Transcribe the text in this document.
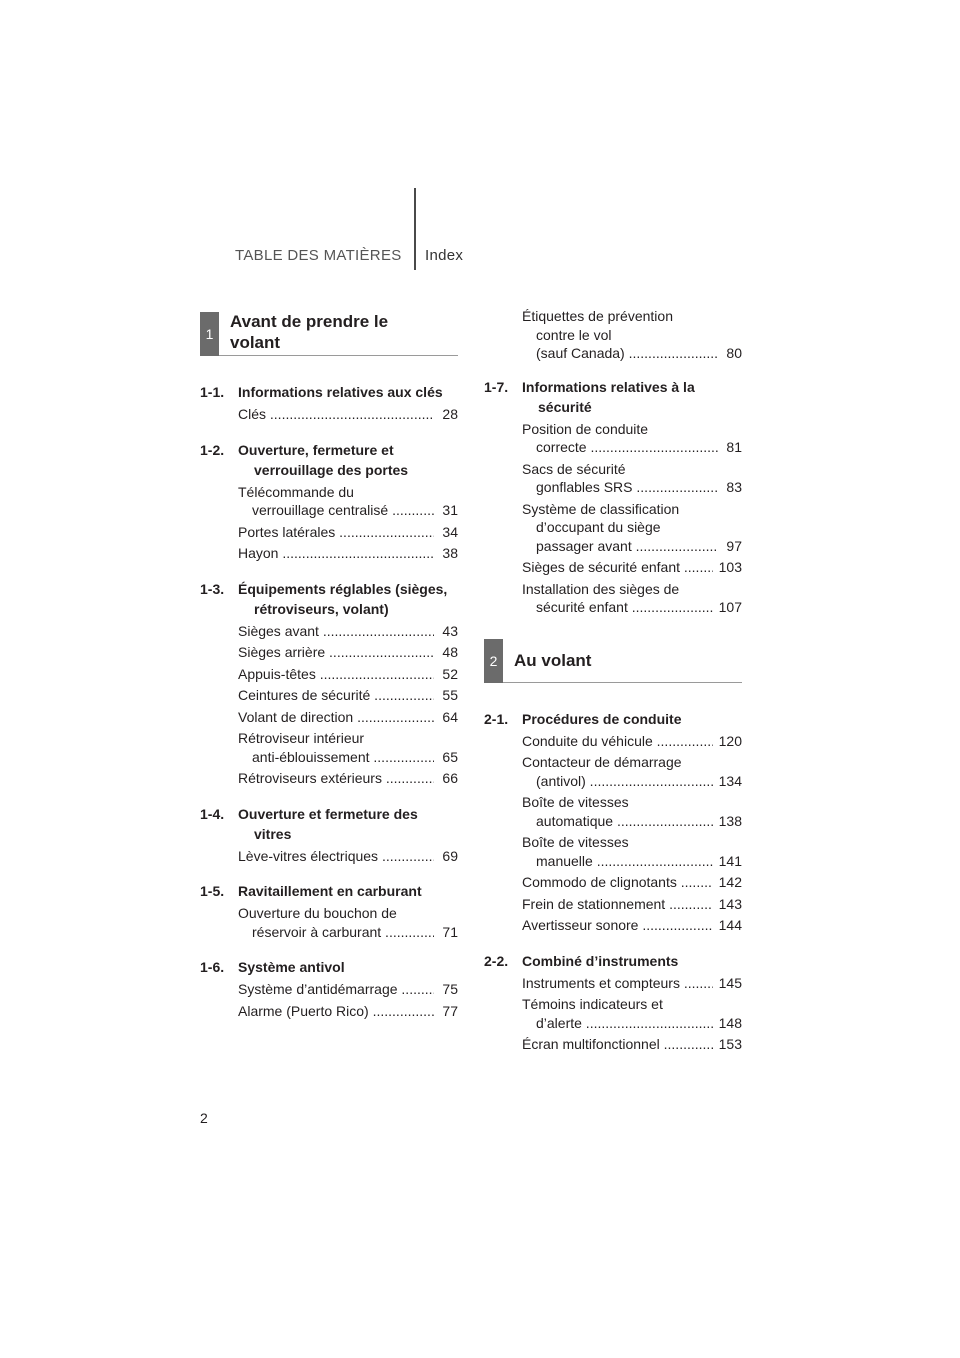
TABLE DES MATIÈRES Index
1
Avant de prendre le volant
1-1. Informations relatives aux clés
Clés .....	28
1-2. Ouverture, fermeture et verrouillage des portes
Télécommande du
verrouillage centralisé .....	31
Portes latérales .....	34
Hayon .....	38
1-3. Équipements réglables (sièges, rétroviseurs, volant)
Sièges avant .....	43
Sièges arrière .....	48
Appuis-têtes .....	52
Ceintures de sécurité .....	55
Volant de direction .....	64
Rétroviseur intérieur
anti-éblouissement .....	65
Rétroviseurs extérieurs .....	66
1-4. Ouverture et fermeture des vitres
Lève-vitres électriques .....	69
1-5. Ravitaillement en carburant
Ouverture du bouchon de
réservoir à carburant .....	71
1-6. Système antivol
Système d’antidémarrage .....	75
Alarme (Puerto Rico) .....	77
Étiquettes de prévention
contre le vol
(sauf Canada) .....	80
1-7. Informations relatives à la sécurité
Position de conduite
correcte .....	81
Sacs de sécurité
gonflables SRS .....	83
Système de classification
d’occupant du siège
passager avant .....	97
Sièges de sécurité enfant .....	103
Installation des sièges de
sécurité enfant .....	107
2 Au volant
2-1. Procédures de conduite
Conduite du véhicule .....	120
Contacteur de démarrage
(antivol) .....	134
Boîte de vitesses
automatique .....	138
Boîte de vitesses
manuelle .....	141
Commodo de clignotants .....	142
Frein de stationnement .....	143
Avertisseur sonore .....	144
2-2. Combiné d’instruments
Instruments et compteurs .....	145
Témoins indicateurs et
d’alerte .....	148
Écran multifonctionnel .....	153
2
